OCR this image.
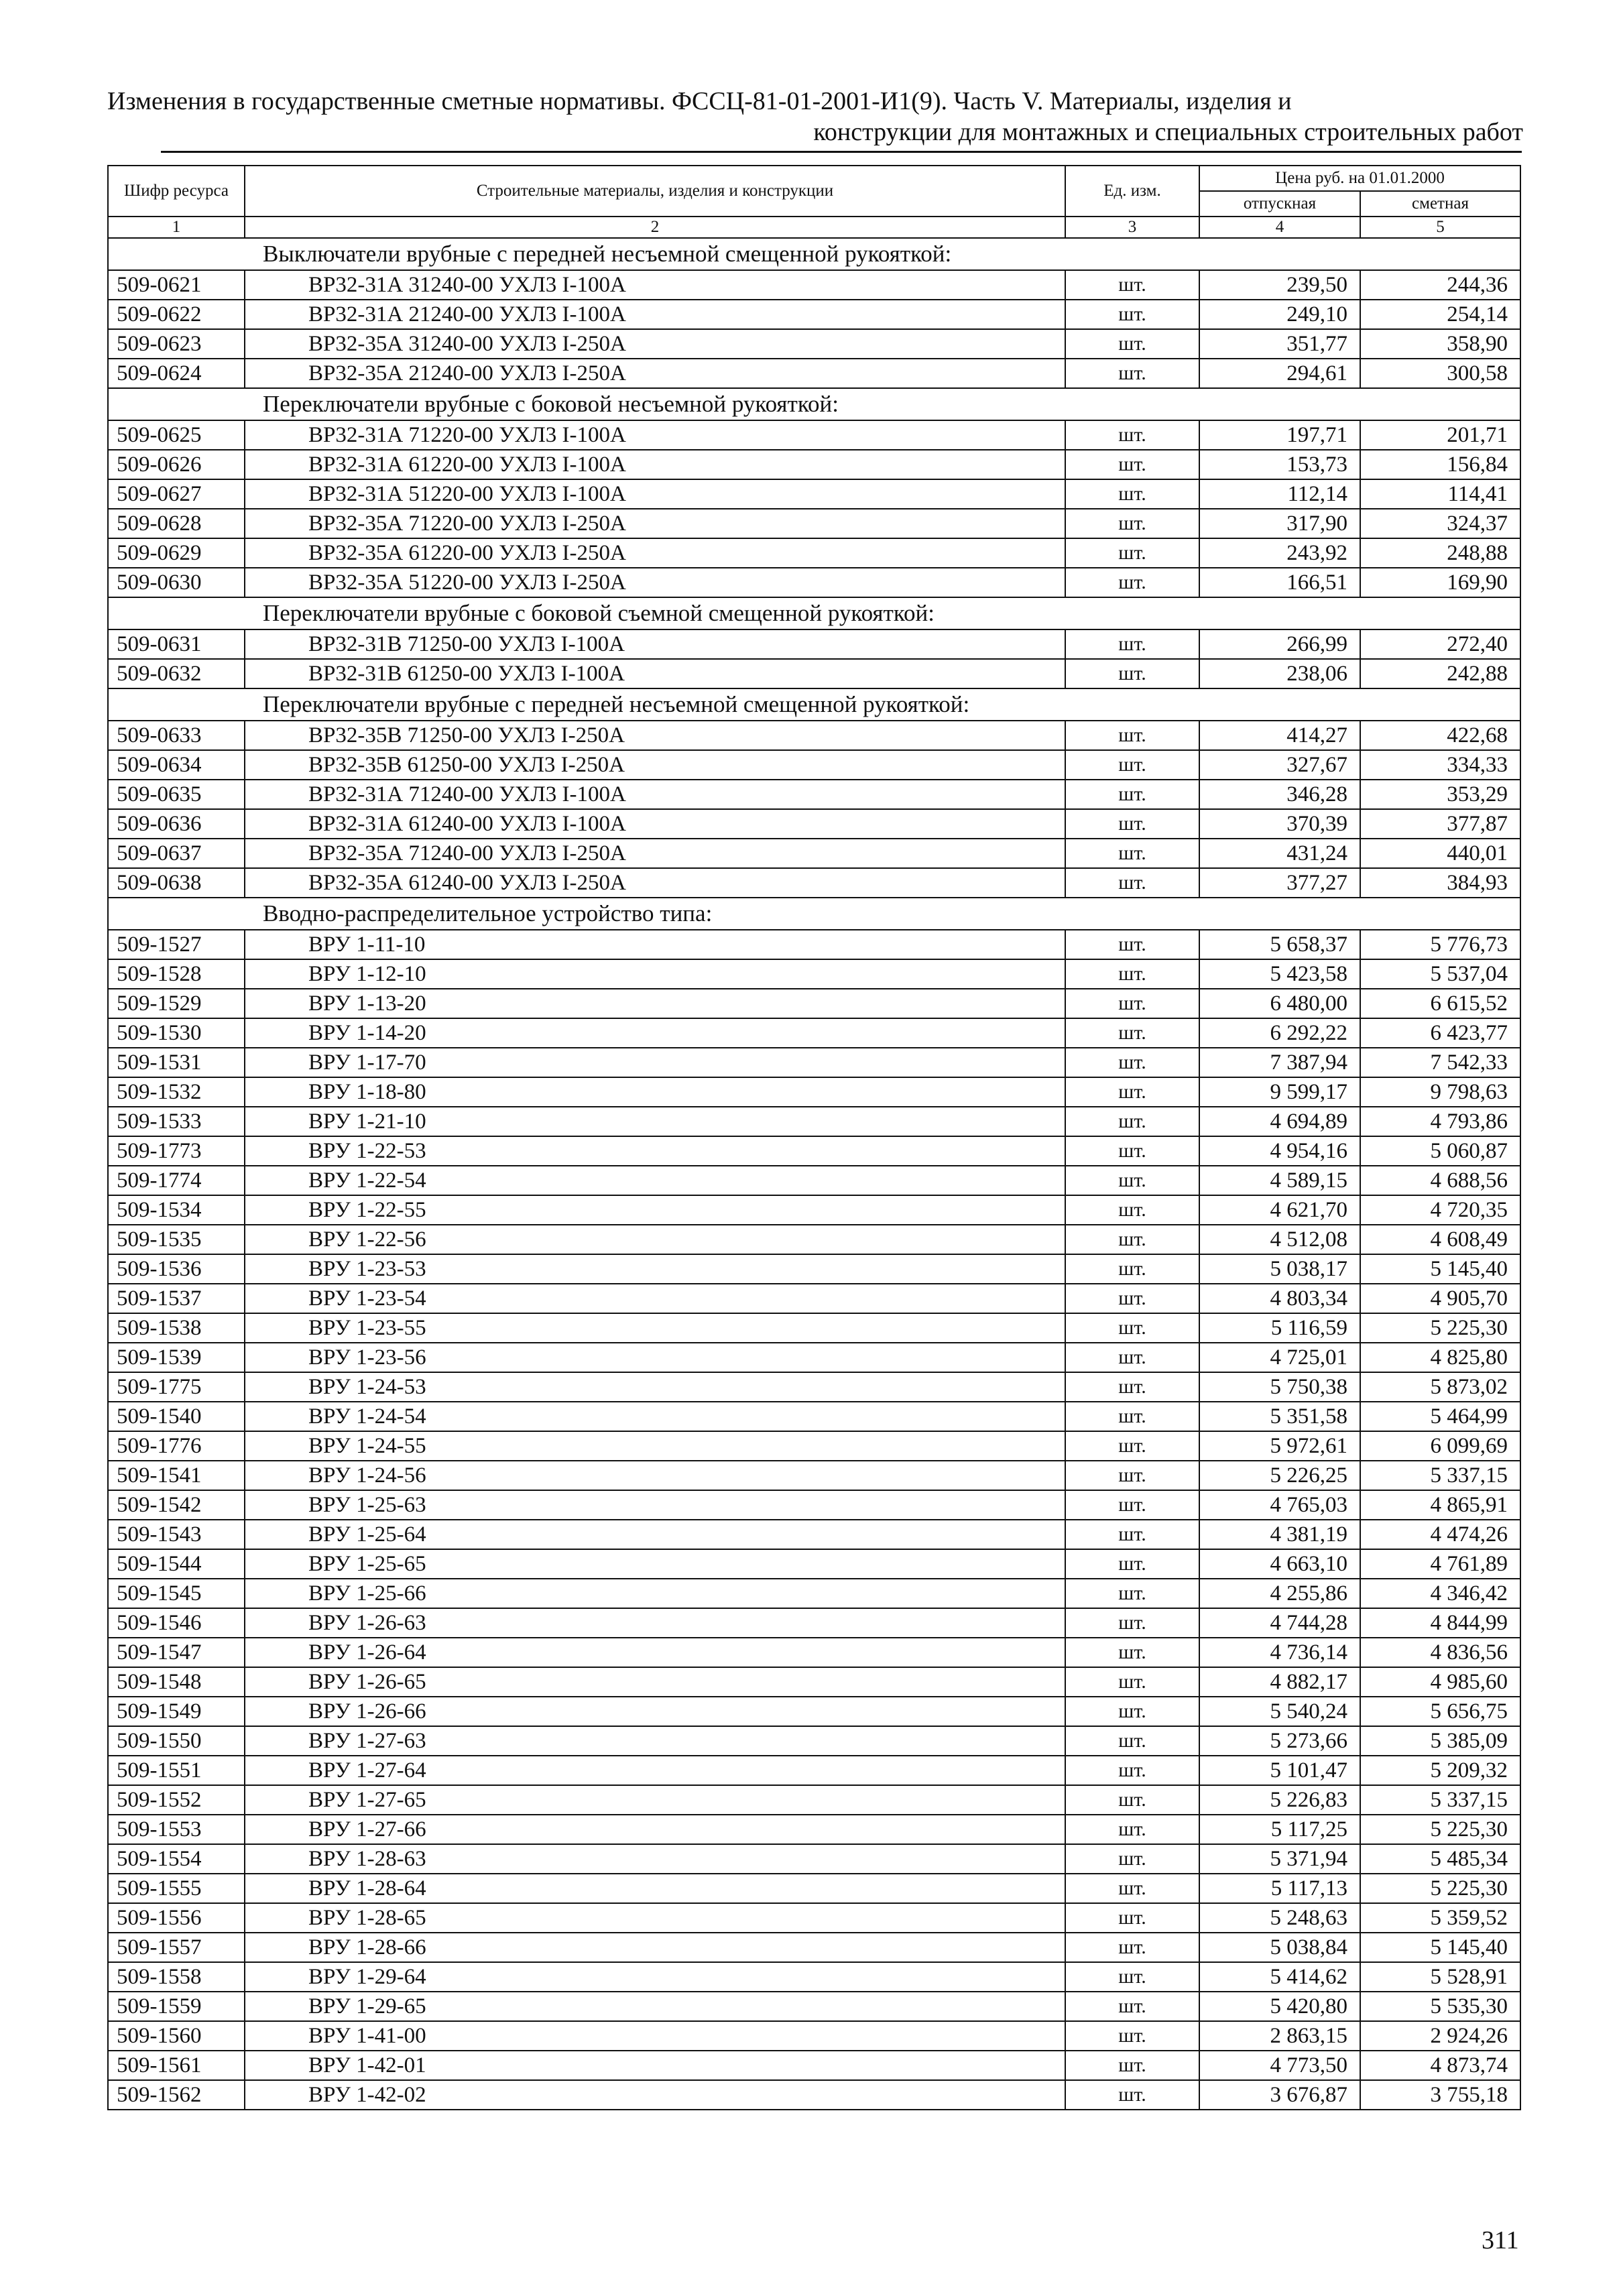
Изменения в государственные сметные нормативы. ФССЦ-81-01-2001-И1(9). Часть V. Материалы, изделия и
конструкции для монтажных и специальных строительных работ
Шифр ресурса	Строительные материалы, изделия и конструкции	Ед. изм.	Цена руб. на 01.01.2000	
			отпускная	сметная
1	2	3	4	5
Выключатели врубные с передней несъемной смещенной рукояткой:				
509-0621	ВР32-31А 31240-00 УХЛ3 I-100А	шт.	239,50	244,36
509-0622	ВР32-31А 21240-00 УХЛ3 I-100А	шт.	249,10	254,14
509-0623	ВР32-35А 31240-00 УХЛ3 I-250А	шт.	351,77	358,90
509-0624	ВР32-35А 21240-00 УХЛ3 I-250А	шт.	294,61	300,58
Переключатели врубные с боковой несъемной рукояткой:				
509-0625	ВР32-31А 71220-00 УХЛ3 I-100А	шт.	197,71	201,71
509-0626	ВР32-31А 61220-00 УХЛ3 I-100А	шт.	153,73	156,84
509-0627	ВР32-31А 51220-00 УХЛ3 I-100А	шт.	112,14	114,41
509-0628	ВР32-35А 71220-00 УХЛ3 I-250А	шт.	317,90	324,37
509-0629	ВР32-35А 61220-00 УХЛ3 I-250А	шт.	243,92	248,88
509-0630	ВР32-35А 51220-00 УХЛ3 I-250А	шт.	166,51	169,90
Переключатели врубные с боковой съемной смещенной рукояткой:				
509-0631	ВР32-31В 71250-00 УХЛ3 I-100А	шт.	266,99	272,40
509-0632	ВР32-31В 61250-00 УХЛ3 I-100А	шт.	238,06	242,88
Переключатели врубные с передней несъемной смещенной рукояткой:				
509-0633	ВР32-35В 71250-00 УХЛ3 I-250А	шт.	414,27	422,68
509-0634	ВР32-35В 61250-00 УХЛ3 I-250А	шт.	327,67	334,33
509-0635	ВР32-31А 71240-00 УХЛ3 I-100А	шт.	346,28	353,29
509-0636	ВР32-31А 61240-00 УХЛ3 I-100А	шт.	370,39	377,87
509-0637	ВР32-35А 71240-00 УХЛ3 I-250А	шт.	431,24	440,01
509-0638	ВР32-35А 61240-00 УХЛ3 I-250А	шт.	377,27	384,93
Вводно-распределительное устройство типа:				
509-1527	ВРУ 1-11-10	шт.	5 658,37	5 776,73
509-1528	ВРУ 1-12-10	шт.	5 423,58	5 537,04
509-1529	ВРУ 1-13-20	шт.	6 480,00	6 615,52
509-1530	ВРУ 1-14-20	шт.	6 292,22	6 423,77
509-1531	ВРУ 1-17-70	шт.	7 387,94	7 542,33
509-1532	ВРУ 1-18-80	шт.	9 599,17	9 798,63
509-1533	ВРУ 1-21-10	шт.	4 694,89	4 793,86
509-1773	ВРУ 1-22-53	шт.	4 954,16	5 060,87
509-1774	ВРУ 1-22-54	шт.	4 589,15	4 688,56
509-1534	ВРУ 1-22-55	шт.	4 621,70	4 720,35
509-1535	ВРУ 1-22-56	шт.	4 512,08	4 608,49
509-1536	ВРУ 1-23-53	шт.	5 038,17	5 145,40
509-1537	ВРУ 1-23-54	шт.	4 803,34	4 905,70
509-1538	ВРУ 1-23-55	шт.	5 116,59	5 225,30
509-1539	ВРУ 1-23-56	шт.	4 725,01	4 825,80
509-1775	ВРУ 1-24-53	шт.	5 750,38	5 873,02
509-1540	ВРУ 1-24-54	шт.	5 351,58	5 464,99
509-1776	ВРУ 1-24-55	шт.	5 972,61	6 099,69
509-1541	ВРУ 1-24-56	шт.	5 226,25	5 337,15
509-1542	ВРУ 1-25-63	шт.	4 765,03	4 865,91
509-1543	ВРУ 1-25-64	шт.	4 381,19	4 474,26
509-1544	ВРУ 1-25-65	шт.	4 663,10	4 761,89
509-1545	ВРУ 1-25-66	шт.	4 255,86	4 346,42
509-1546	ВРУ 1-26-63	шт.	4 744,28	4 844,99
509-1547	ВРУ 1-26-64	шт.	4 736,14	4 836,56
509-1548	ВРУ 1-26-65	шт.	4 882,17	4 985,60
509-1549	ВРУ 1-26-66	шт.	5 540,24	5 656,75
509-1550	ВРУ 1-27-63	шт.	5 273,66	5 385,09
509-1551	ВРУ 1-27-64	шт.	5 101,47	5 209,32
509-1552	ВРУ 1-27-65	шт.	5 226,83	5 337,15
509-1553	ВРУ 1-27-66	шт.	5 117,25	5 225,30
509-1554	ВРУ 1-28-63	шт.	5 371,94	5 485,34
509-1555	ВРУ 1-28-64	шт.	5 117,13	5 225,30
509-1556	ВРУ 1-28-65	шт.	5 248,63	5 359,52
509-1557	ВРУ 1-28-66	шт.	5 038,84	5 145,40
509-1558	ВРУ 1-29-64	шт.	5 414,62	5 528,91
509-1559	ВРУ 1-29-65	шт.	5 420,80	5 535,30
509-1560	ВРУ 1-41-00	шт.	2 863,15	2 924,26
509-1561	ВРУ 1-42-01	шт.	4 773,50	4 873,74
509-1562	ВРУ 1-42-02	шт.	3 676,87	3 755,18
311
